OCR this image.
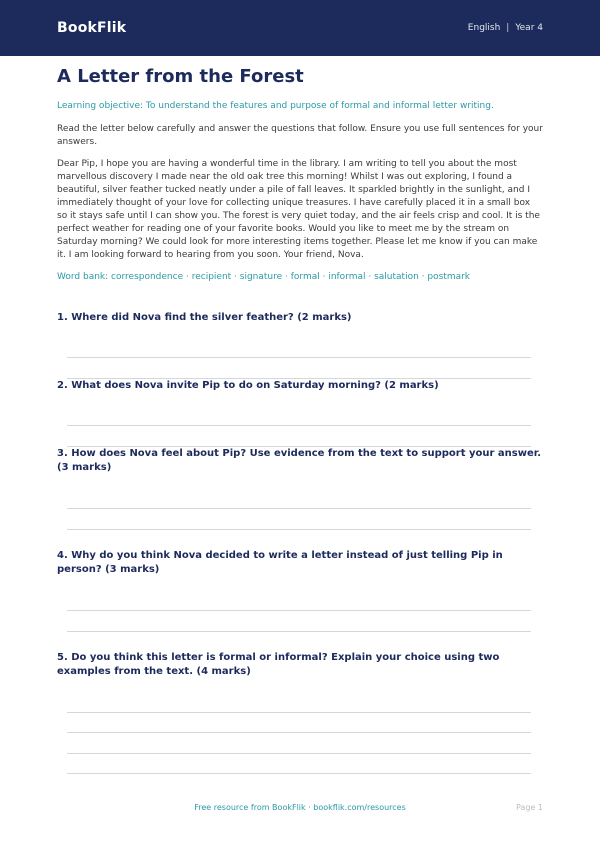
BookFlik	English | Year 4
A Letter from the Forest

Learning objective: To understand the features and purpose of formal and informal letter writing.

Read the letter below carefully and answer the questions that follow. Ensure you use full sentences for your answers.

Dear Pip, I hope you are having a wonderful time in the library. I am writing to tell you about the most marvellous discovery I made near the old oak tree this morning! Whilst I was out exploring, I found a beautiful, silver feather tucked neatly under a pile of fall leaves. It sparkled brightly in the sunlight, and I immediately thought of your love for collecting unique treasures. I have carefully placed it in a small box so it stays safe until I can show you. The forest is very quiet today, and the air feels crisp and cool. It is the perfect weather for reading one of your favorite books. Would you like to meet me by the stream on Saturday morning? We could look for more interesting items together. Please let me know if you can make it. I am looking forward to hearing from you soon. Your friend, Nova.

Word bank: correspondence · recipient · signature · formal · informal · salutation · postmark

1. Where did Nova find the silver feather? (2 marks)
2. What does Nova invite Pip to do on Saturday morning? (2 marks)
3. How does Nova feel about Pip? Use evidence from the text to support your answer. (3 marks)
4. Why do you think Nova decided to write a letter instead of just telling Pip in person? (3 marks)
5. Do you think this letter is formal or informal? Explain your choice using two examples from the text. (4 marks)
Free resource from BookFlik · bookflik.com/resources	Page 1
